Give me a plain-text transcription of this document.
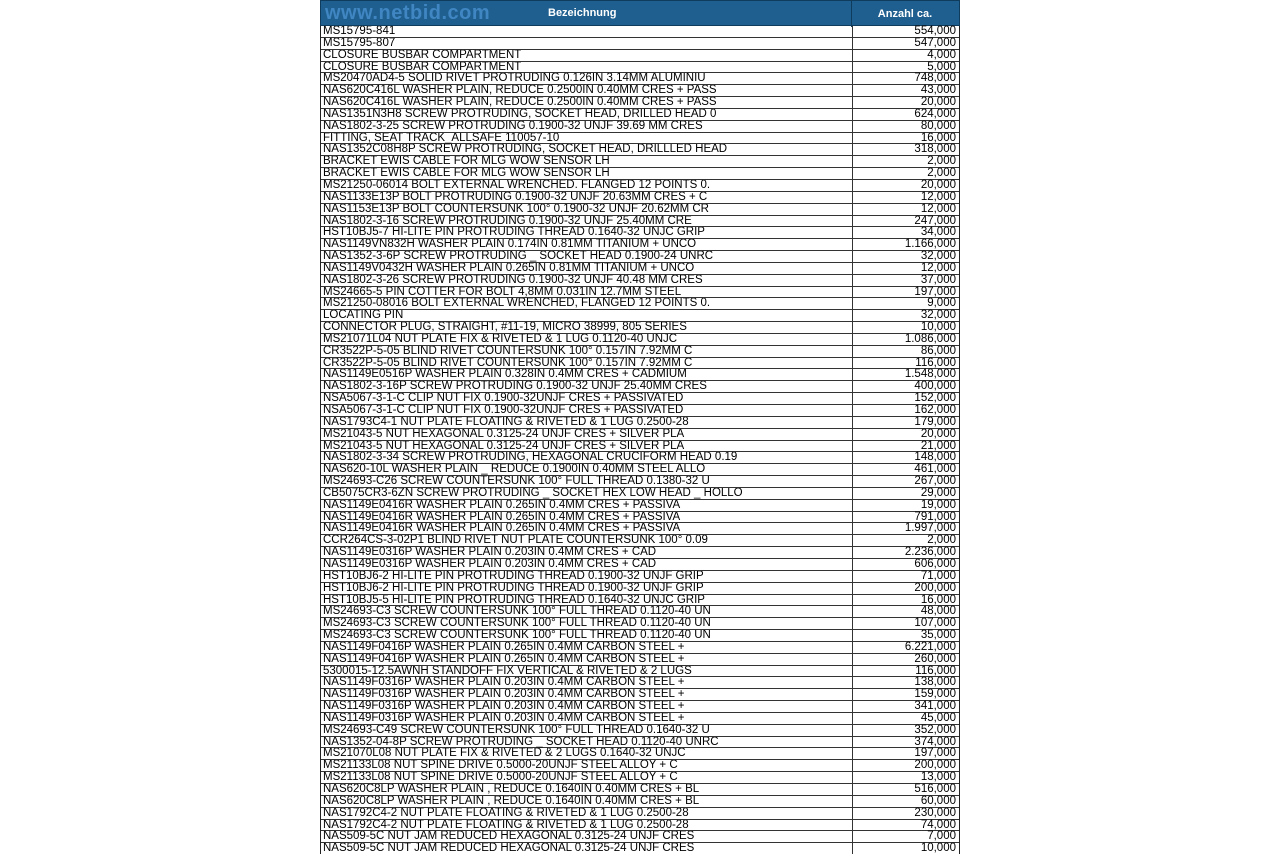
www.netbid.com	Bezeichnung	Anzahl ca.
MS15795-841	554,000
MS15795-807	547,000
CLOSURE BUSBAR COMPARTMENT	4,000
CLOSURE BUSBAR COMPARTMENT	5,000
MS20470AD4-5 SOLID RIVET PROTRUDING 0.126IN 3.14MM ALUMINIU	748,000
NAS620C416L WASHER PLAIN, REDUCE 0.2500IN 0.40MM CRES + PASS	43,000
NAS620C416L WASHER PLAIN, REDUCE 0.2500IN 0.40MM CRES + PASS	20,000
NAS1351N3H8 SCREW PROTRUDING, SOCKET HEAD, DRILLED HEAD 0	624,000
NAS1802-3-25 SCREW PROTRUDING 0.1900-32 UNJF 39.69 MM CRES	80,000
FITTING, SEAT TRACK_ALLSAFE 110057-10	16,000
NAS1352C08H8P SCREW PROTRUDING, SOCKET HEAD, DRILLLED HEAD	318,000
BRACKET EWIS CABLE FOR MLG WOW SENSOR LH	2,000
BRACKET EWIS CABLE FOR MLG WOW SENSOR LH	2,000
MS21250-06014 BOLT EXTERNAL WRENCHED. FLANGED 12 POINTS 0.	20,000
NAS1133E13P BOLT PROTRUDING 0.1900-32 UNJF 20.63MM CRES + C	12,000
NAS1153E13P BOLT COUNTERSUNK 100° 0.1900-32 UNJF 20.62MM CR	12,000
NAS1802-3-16 SCREW PROTRUDING 0.1900-32 UNJF 25.40MM CRE	247,000
HST10BJ5-7 HI-LITE PIN PROTRUDING THREAD 0.1640-32 UNJC GRIP	34,000
NAS1149VN832H WASHER PLAIN 0.174IN 0.81MM TITANIUM + UNCO	1.166,000
NAS1352-3-6P SCREW PROTRUDING _ SOCKET HEAD 0.1900-24 UNRC	32,000
NAS1149V0432H WASHER PLAIN 0.265IN 0.81MM TITANIUM + UNCO	12,000
NAS1802-3-26 SCREW PROTRUDING 0.1900-32 UNJF 40.48 MM CRES	37,000
MS24665-5 PIN COTTER FOR BOLT 4,8MM 0.031IN 12.7MM STEEL	197,000
MS21250-08016 BOLT EXTERNAL WRENCHED, FLANGED 12 POINTS 0.	9,000
LOCATING PIN	32,000
CONNECTOR PLUG, STRAIGHT, #11-19, MICRO 38999, 805 SERIES	10,000
MS21071L04 NUT PLATE FIX & RIVETED & 1 LUG 0.1120-40 UNJC	1.086,000
CR3522P-5-05 BLIND RIVET COUNTERSUNK 100° 0.157IN 7.92MM C	86,000
CR3522P-5-05 BLIND RIVET COUNTERSUNK 100° 0.157IN 7.92MM C	116,000
NAS1149E0516P WASHER PLAIN 0.328IN 0.4MM CRES + CADMIUM	1.548,000
NAS1802-3-16P SCREW PROTRUDING 0.1900-32 UNJF 25.40MM CRES	400,000
NSA5067-3-1-C CLIP NUT FIX 0.1900-32UNJF CRES + PASSIVATED	152,000
NSA5067-3-1-C CLIP NUT FIX 0.1900-32UNJF CRES + PASSIVATED	162,000
NAS1793C4-1 NUT PLATE FLOATING & RIVETED & 1 LUG 0.2500-28	179,000
MS21043-5 NUT HEXAGONAL 0.3125-24 UNJF CRES + SILVER PLA	20,000
MS21043-5 NUT HEXAGONAL 0.3125-24 UNJF CRES + SILVER PLA	21,000
NAS1802-3-34 SCREW PROTRUDING, HEXAGONAL CRUCIFORM HEAD 0.19	148,000
NAS620-10L WASHER PLAIN _ REDUCE 0.1900IN 0.40MM STEEL ALLO	461,000
MS24693-C26 SCREW COUNTERSUNK 100° FULL THREAD 0.1380-32 U	267,000
CB5075CR3-6ZN SCREW PROTRUDING _ SOCKET HEX LOW HEAD _ HOLLO	29,000
NAS1149E0416R WASHER PLAIN 0.265IN 0.4MM CRES + PASSIVA	19,000
NAS1149E0416R WASHER PLAIN 0.265IN 0.4MM CRES + PASSIVA	791,000
NAS1149E0416R WASHER PLAIN 0.265IN 0.4MM CRES + PASSIVA	1.997,000
CCR264CS-3-02P1 BLIND RIVET NUT PLATE COUNTERSUNK 100° 0.09	2,000
NAS1149E0316P WASHER PLAIN 0.203IN 0.4MM CRES + CAD	2.236,000
NAS1149E0316P WASHER PLAIN 0.203IN 0.4MM CRES + CAD	606,000
HST10BJ6-2 HI-LITE PIN PROTRUDING THREAD 0.1900-32 UNJF GRIP	71,000
HST10BJ6-2 HI-LITE PIN PROTRUDING THREAD 0.1900-32 UNJF GRIP	200,000
HST10BJ5-5 HI-LITE PIN PROTRUDING THREAD 0.1640-32 UNJC GRIP	16,000
MS24693-C3 SCREW COUNTERSUNK 100° FULL THREAD 0.1120-40 UN	48,000
MS24693-C3 SCREW COUNTERSUNK 100° FULL THREAD 0.1120-40 UN	107,000
MS24693-C3 SCREW COUNTERSUNK 100° FULL THREAD 0.1120-40 UN	35,000
NAS1149F0416P WASHER PLAIN 0.265IN 0.4MM CARBON STEEL +	6.221,000
NAS1149F0416P WASHER PLAIN 0.265IN 0.4MM CARBON STEEL +	260,000
5300015-12.5AWNH STANDOFF FIX VERTICAL & RIVETED & 2 LUGS	116,000
NAS1149F0316P WASHER PLAIN 0.203IN 0.4MM CARBON STEEL +	138,000
NAS1149F0316P WASHER PLAIN 0.203IN 0.4MM CARBON STEEL +	159,000
NAS1149F0316P WASHER PLAIN 0.203IN 0.4MM CARBON STEEL +	341,000
NAS1149F0316P WASHER PLAIN 0.203IN 0.4MM CARBON STEEL +	45,000
MS24693-C49 SCREW COUNTERSUNK 100° FULL THREAD 0.1640-32 U	352,000
NAS1352-04-8P SCREW PROTRUDING _ SOCKET HEAD 0.1120-40 UNRC	374,000
MS21070L08 NUT PLATE FIX & RIVETED & 2 LUGS 0.1640-32 UNJC	197,000
MS21133L08 NUT SPINE DRIVE 0.5000-20UNJF STEEL ALLOY + C	200,000
MS21133L08 NUT SPINE DRIVE 0.5000-20UNJF STEEL ALLOY + C	13,000
NAS620C8LP WASHER PLAIN , REDUCE 0.1640IN 0.40MM CRES + BL	516,000
NAS620C8LP WASHER PLAIN , REDUCE 0.1640IN 0.40MM CRES + BL	60,000
NAS1792C4-2 NUT PLATE FLOATING & RIVETED & 1 LUG 0.2500-28	230,000
NAS1792C4-2 NUT PLATE FLOATING & RIVETED & 1 LUG 0.2500-28	74,000
NAS509-5C NUT JAM REDUCED HEXAGONAL 0.3125-24 UNJF CRES	7,000
NAS509-5C NUT JAM REDUCED HEXAGONAL 0.3125-24 UNJF CRES	10,000
